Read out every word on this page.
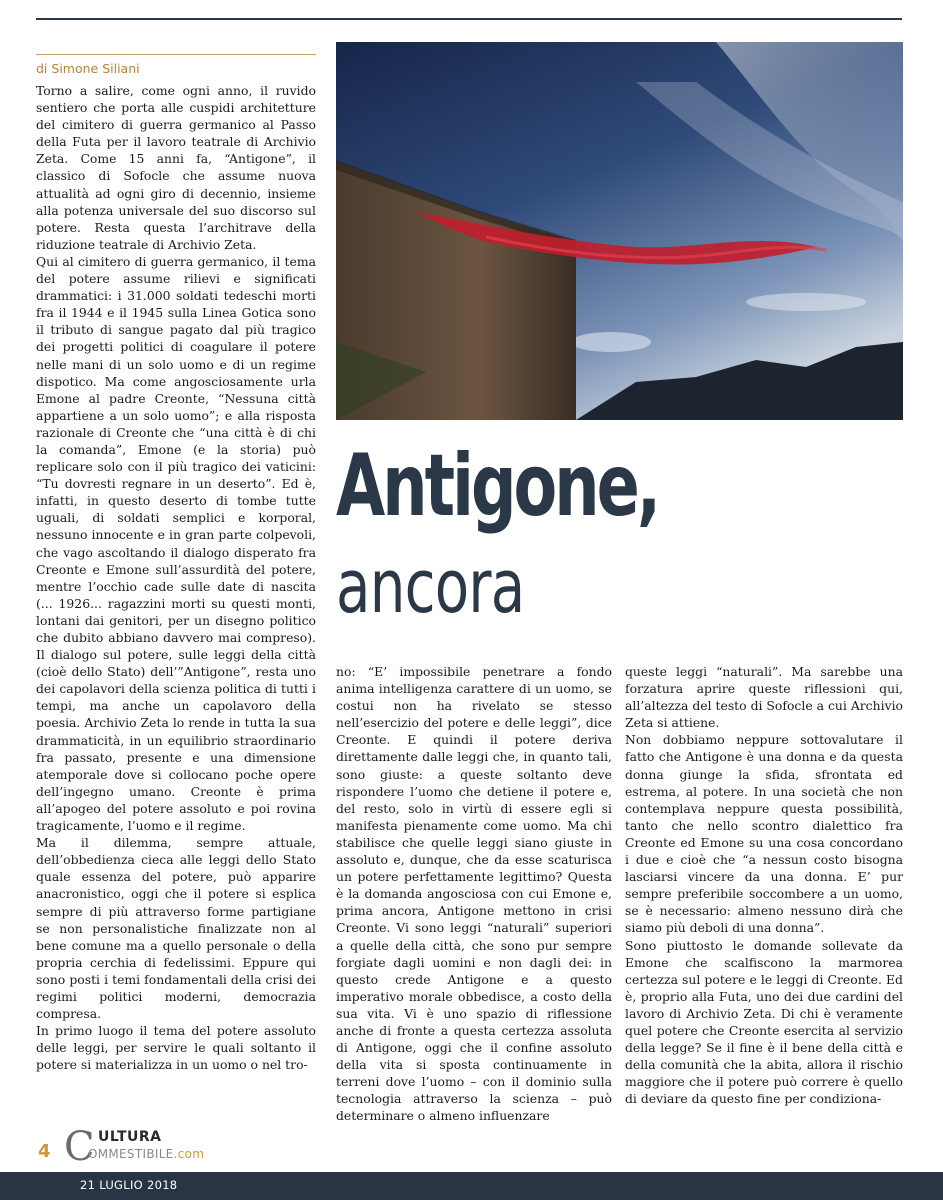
di Simone Siliani

Torno a salire, come ogni anno, il ruvido sentiero che porta alle cuspidi architetture del cimitero di guerra germanico al Passo della Futa per il lavoro teatrale di Archivio Zeta. Come 15 anni fa, “Antigone”, il classico di Sofocle che assume nuova attualità ad ogni giro di decennio, insieme alla potenza universale del suo discorso sul potere. Resta questa l’architrave della riduzione teatrale di Archivio Zeta.

Qui al cimitero di guerra germanico, il tema del potere assume rilievi e significati drammatici: i 31.000 soldati tedeschi morti fra il 1944 e il 1945 sulla Linea Gotica sono il tributo di sangue pagato dal più tragico dei progetti politici di coagulare il potere nelle mani di un solo uomo e di un regime dispotico. Ma come angosciosamente urla Emone al padre Creonte, “Nessuna città appartiene a un solo uomo”; e alla risposta razionale di Creonte che “una città è di chi la comanda”, Emone (e la storia) può replicare solo con il più tragico dei vaticini: “Tu dovresti regnare in un deserto”. Ed è, infatti, in questo deserto di tombe tutte uguali, di soldati semplici e korporal, nessuno innocente e in gran parte colpevoli, che vago ascoltando il dialogo disperato fra Creonte e Emone sull’assurdità del potere, mentre l’occhio cade sulle date di nascita (... 1926... ragazzini morti su questi monti, lontani dai genitori, per un disegno politico che dubito abbiano davvero mai compreso). Il dialogo sul potere, sulle leggi della città (cioè dello Stato) dell’”Antigone”, resta uno dei capolavori della scienza politica di tutti i tempi, ma anche un capolavoro della poesia. Archivio Zeta lo rende in tutta la sua drammaticità, in un equilibrio straordinario fra passato, presente e una dimensione atemporale dove si collocano poche opere dell’ingegno umano. Creonte è prima all’apogeo del potere assoluto e poi rovina tragicamente, l’uomo e il regime.

Ma il dilemma, sempre attuale, dell’obbedienza cieca alle leggi dello Stato quale essenza del potere, può apparire anacronistico, oggi che il potere si esplica sempre di più attraverso forme partigiane se non personalistiche finalizzate non al bene comune ma a quello personale o della propria cerchia di fedelissimi. Eppure qui sono posti i temi fondamentali della crisi dei regimi politici moderni, democrazia compresa.

In primo luogo il tema del potere assoluto delle leggi, per servire le quali soltanto il potere si materializza in un uomo o nel tro-

Antigone,
ancora

no: “E’ impossibile penetrare a fondo anima intelligenza carattere di un uomo, se costui non ha rivelato se stesso nell’esercizio del potere e delle leggi”, dice Creonte. E quindi il potere deriva direttamente dalle leggi che, in quanto tali, sono giuste: a queste soltanto deve rispondere l’uomo che detiene il potere e, del resto, solo in virtù di essere egli si manifesta pienamente come uomo. Ma chi stabilisce che quelle leggi siano giuste in assoluto e, dunque, che da esse scaturisca un potere perfettamente legittimo? Questa è la domanda angosciosa con cui Emone e, prima ancora, Antigone mettono in crisi Creonte. Vi sono leggi “naturali” superiori a quelle della città, che sono pur sempre forgiate dagli uomini e non dagli dei: in questo crede Antigone e a questo imperativo morale obbedisce, a costo della sua vita. Vi è uno spazio di riflessione anche di fronte a questa certezza assoluta di Antigone, oggi che il confine assoluto della vita si sposta continuamente in terreni dove l’uomo – con il dominio sulla tecnologia attraverso la scienza – può determinare o almeno influenzare

queste leggi “naturali”. Ma sarebbe una forzatura aprire queste riflessioni qui, all’altezza del testo di Sofocle a cui Archivio Zeta si attiene.

Non dobbiamo neppure sottovalutare il fatto che Antigone è una donna e da questa donna giunge la sfida, sfrontata ed estrema, al potere. In una società che non contemplava neppure questa possibilità, tanto che nello scontro dialettico fra Creonte ed Emone su una cosa concordano i due e cioè che “a nessun costo bisogna lasciarsi vincere da una donna. E’ pur sempre preferibile soccombere a un uomo, se è necessario: almeno nessuno dirà che siamo più deboli di una donna”.

Sono piuttosto le domande sollevate da Emone che scalfiscono la marmorea certezza sul potere e le leggi di Creonte. Ed è, proprio alla Futa, uno dei due cardini del lavoro di Archivio Zeta. Di chi è veramente quel potere che Creonte esercita al servizio della legge? Se il fine è il bene della città e della comunità che la abita, allora il rischio maggiore che il potere può correre è quello di deviare da questo fine per condiziona-

4 C ULTURA
OMMESTIBILE.com
21 LUGLIO 2018
